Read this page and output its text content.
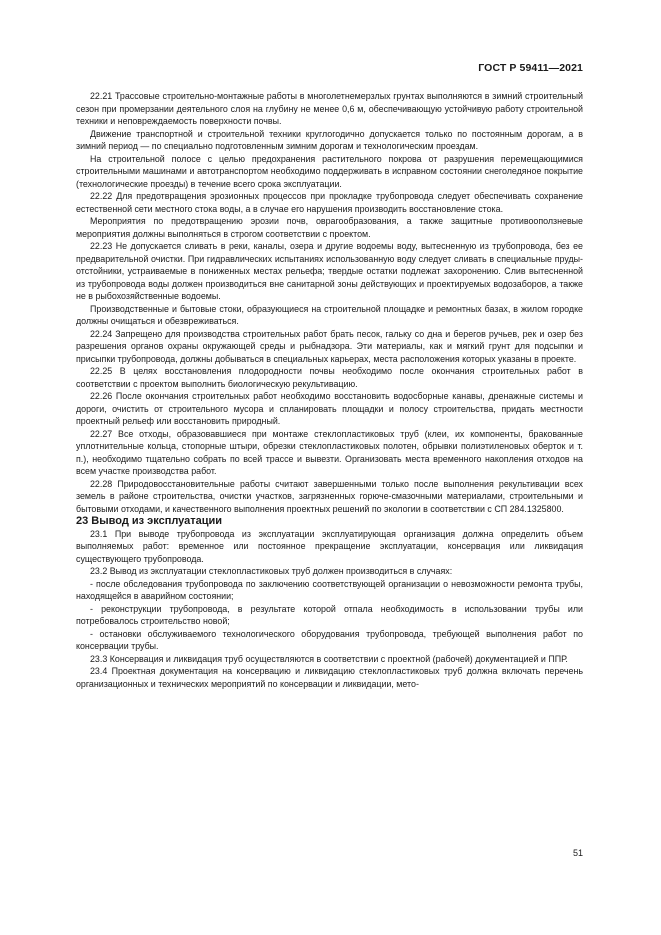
ГОСТ Р 59411—2021

22.21 Трассовые строительно-монтажные работы в многолетнемерзлых грунтах выполняются в зимний строительный сезон при промерзании деятельного слоя на глубину не менее 0,6 м, обеспечивающую устойчивую работу строительной техники и неповреждаемость поверхности почвы.

Движение транспортной и строительной техники круглогодично допускается только по постоянным дорогам, а в зимний период — по специально подготовленным зимним дорогам и технологическим проездам.

На строительной полосе с целью предохранения растительного покрова от разрушения перемещающимися строительными машинами и автотранспортом необходимо поддерживать в исправном состоянии снеголедяное покрытие (технологические проезды) в течение всего срока эксплуатации.

22.22 Для предотвращения эрозионных процессов при прокладке трубопровода следует обеспечивать сохранение естественной сети местного стока воды, а в случае его нарушения производить восстановление стока.

Мероприятия по предотвращению эрозии почв, оврагообразования, а также защитные противооползневые мероприятия должны выполняться в строгом соответствии с проектом.

22.23 Не допускается сливать в реки, каналы, озера и другие водоемы воду, вытесненную из трубопровода, без ее предварительной очистки. При гидравлических испытаниях использованную воду следует сливать в специальные пруды-отстойники, устраиваемые в пониженных местах рельефа; твердые остатки подлежат захоронению. Слив вытесненной из трубопровода воды должен производиться вне санитарной зоны действующих и проектируемых водозаборов, а также не в рыбохозяйственные водоемы.

Производственные и бытовые стоки, образующиеся на строительной площадке и ремонтных базах, в жилом городке должны очищаться и обезвреживаться.

22.24 Запрещено для производства строительных работ брать песок, гальку со дна и берегов ручьев, рек и озер без разрешения органов охраны окружающей среды и рыбнадзора. Эти материалы, как и мягкий грунт для подсыпки и присыпки трубопровода, должны добываться в специальных карьерах, места расположения которых указаны в проекте.

22.25 В целях восстановления плодородности почвы необходимо после окончания строительных работ в соответствии с проектом выполнить биологическую рекультивацию.

22.26 После окончания строительных работ необходимо восстановить водосборные канавы, дренажные системы и дороги, очистить от строительного мусора и спланировать площадки и полосу строительства, придать местности проектный рельеф или восстановить природный.

22.27 Все отходы, образовавшиеся при монтаже стеклопластиковых труб (клеи, их компоненты, бракованные уплотнительные кольца, стопорные штыри, обрезки стеклопластиковых полотен, обрывки полиэтиленовых оберток и т. п.), необходимо тщательно собрать по всей трассе и вывезти. Организовать места временного накопления отходов на всем участке производства работ.

22.28 Природовосстановительные работы считают завершенными только после выполнения рекультивации всех земель в районе строительства, очистки участков, загрязненных горюче-смазочными материалами, строительными и бытовыми отходами, и качественного выполнения проектных решений по экологии в соответствии с СП 284.1325800.

23 Вывод из эксплуатации

23.1 При выводе трубопровода из эксплуатации эксплуатирующая организация должна определить объем выполняемых работ: временное или постоянное прекращение эксплуатации, консервация или ликвидация существующего трубопровода.

23.2 Вывод из эксплуатации стеклопластиковых труб должен производиться в случаях:

- после обследования трубопровода по заключению соответствующей организации о невозможности ремонта трубы, находящейся в аварийном состоянии;

- реконструкции трубопровода, в результате которой отпала необходимость в использовании трубы или потребовалось строительство новой;

- остановки обслуживаемого технологического оборудования трубопровода, требующей выполнения работ по консервации трубы.

23.3 Консервация и ликвидация труб осуществляются в соответствии с проектной (рабочей) документацией и ППР.

23.4 Проектная документация на консервацию и ликвидацию стеклопластиковых труб должна включать перечень организационных и технических мероприятий по консервации и ликвидации, мето-

51
